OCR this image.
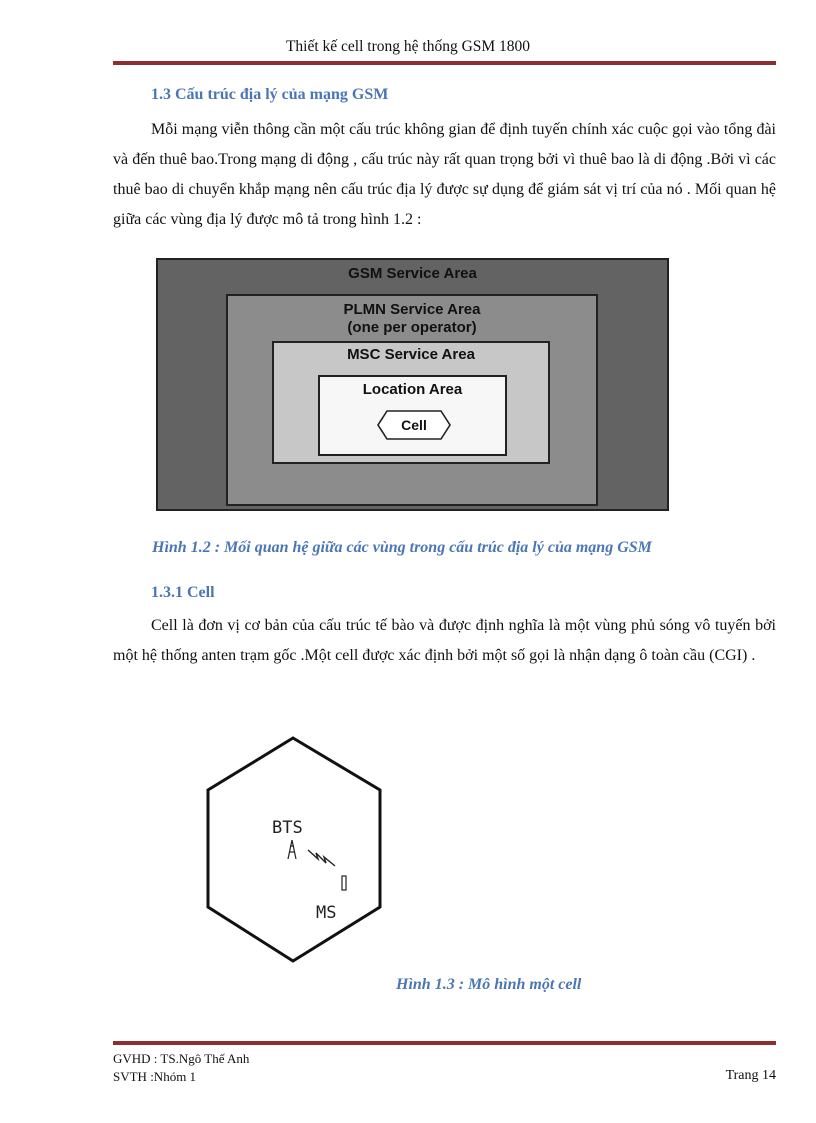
Thiết kế cell trong hệ thống GSM 1800
1.3 Cấu trúc địa lý của mạng GSM

Mỗi mạng viễn thông cần một cấu trúc không gian để định tuyến chính xác cuộc gọi vào tổng đài và đến thuê bao.Trong mạng di động , cấu trúc này rất quan trọng bởi vì thuê bao là di động .Bởi vì các thuê bao di chuyển khắp mạng nên cấu trúc địa lý được sự dụng để giám sát vị trí của nó . Mối quan hệ giữa các vùng địa lý được mô tả trong hình 1.2 :

GSM Service Area
PLMN Service Area
(one per operator)
MSC Service Area
Location Area
Cell
Hình 1.2 : Mối quan hệ giữa các vùng trong cấu trúc địa lý của mạng GSM
1.3.1 Cell

Cell là đơn vị cơ bản của cấu trúc tế bào và được định nghĩa là một vùng phủ sóng vô tuyến bởi một hệ thống anten trạm gốc .Một cell được xác định bởi một số gọi là nhận dạng ô toàn cầu (CGI) .

BTS
MS
Hình 1.3 : Mô hình một cell
GVHD : TS.Ngô Thế Anh
SVTH :Nhóm 1	Trang 14
